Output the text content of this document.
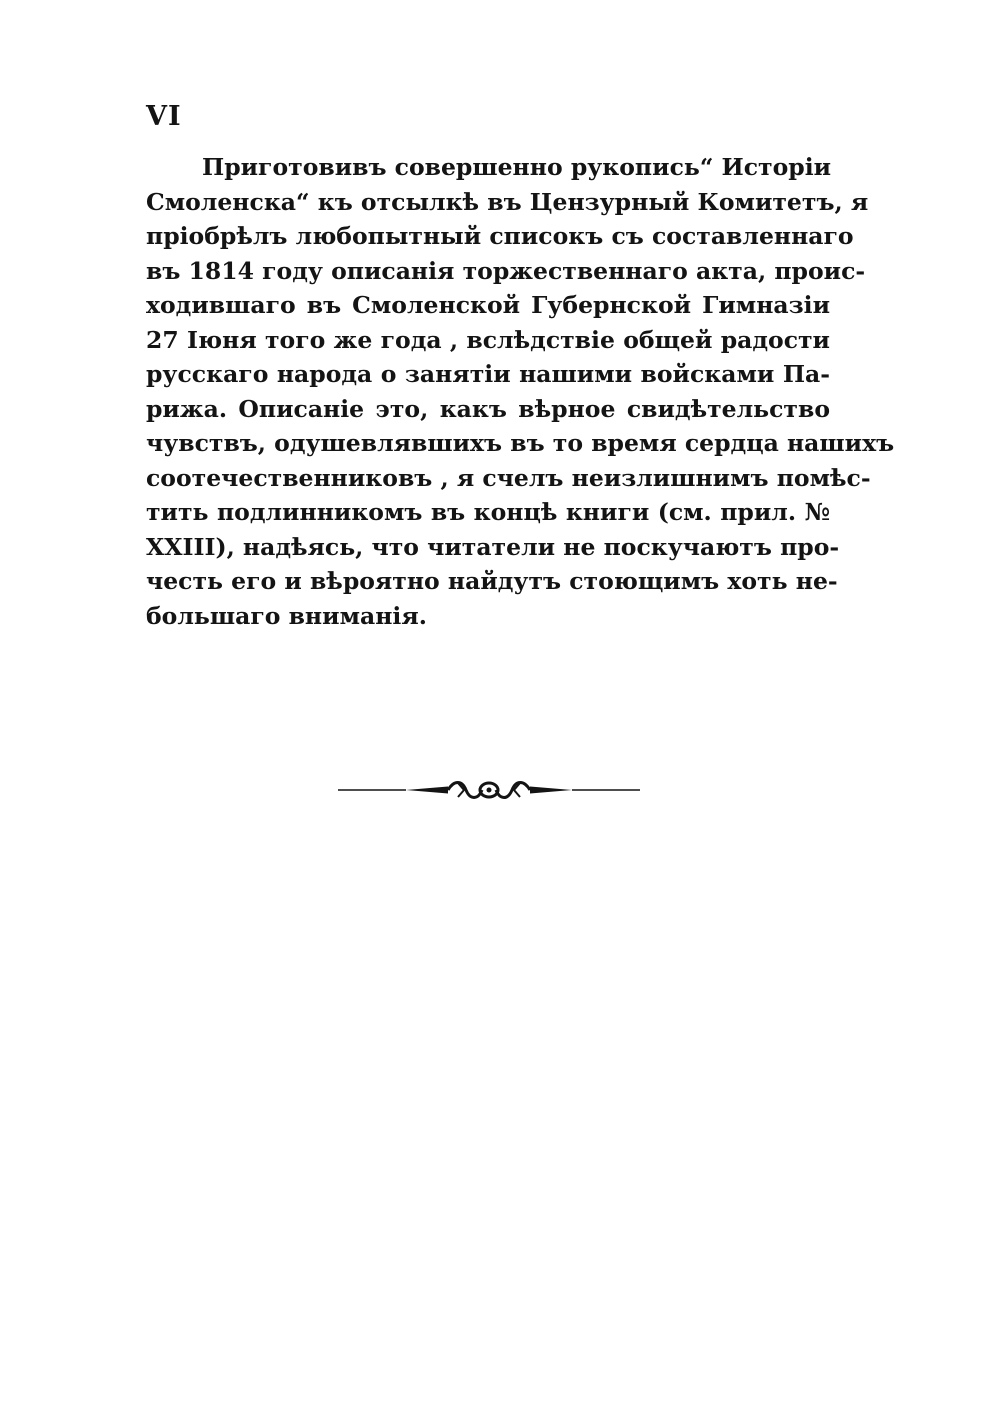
VI
Приготовивъ совершенно рукопись“ Исторіи
Смоленска“ къ отсылкѣ въ Цензурный Комитетъ, я
пріобрѣлъ любопытный списокъ съ составленнаго
въ 1814 году описанія торжественнаго акта, проис-
ходившаго въ Смоленской Губернской Гимназіи
27 Іюня того же года , вслѣдствіе общей радости
русскаго народа о занятіи нашими войсками Па-
рижа. Описаніе это, какъ вѣрное свидѣтельство
чувствъ, одушевлявшихъ въ то время сердца нашихъ
соотечественниковъ , я счелъ неизлишнимъ помѣс-
тить подлинникомъ въ концѣ книги (см. прил. №
XXIII), надѣясь, что читатели не поскучаютъ про-
честь его и вѣроятно найдутъ стоющимъ хоть не-
большаго вниманія.
